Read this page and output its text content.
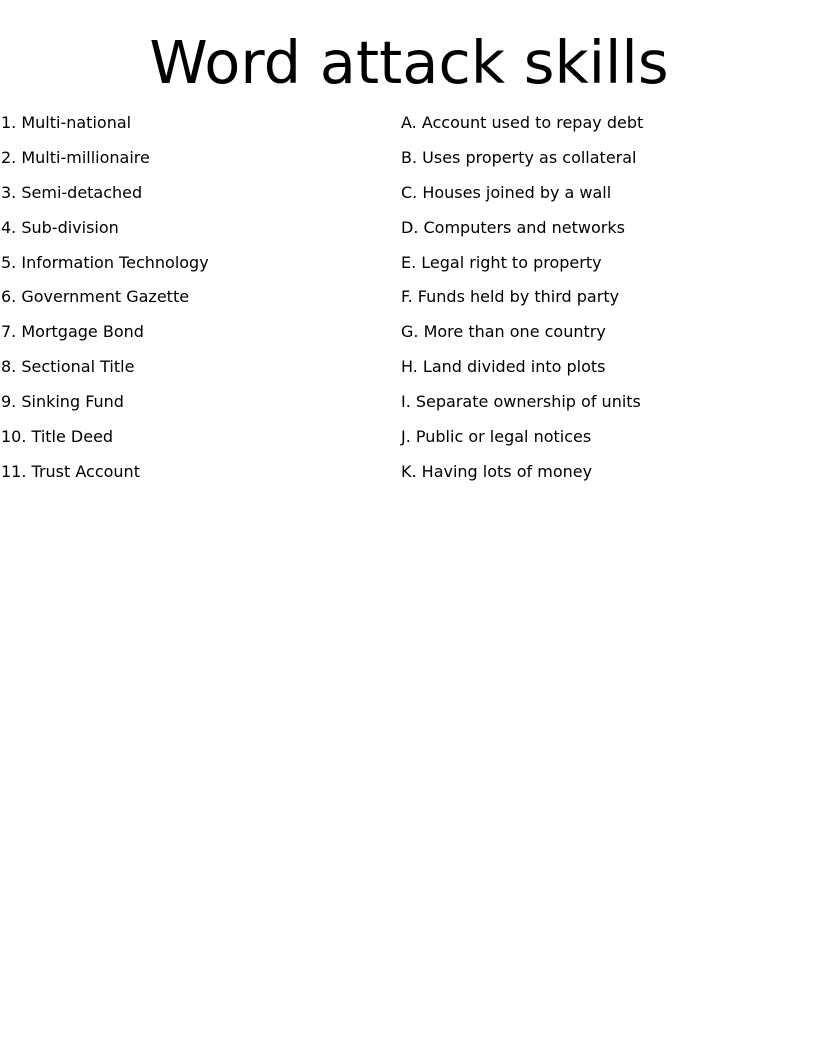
Word attack skills
1. Multi-national
2. Multi-millionaire
3. Semi-detached
4. Sub-division
5. Information Technology
6. Government Gazette
7. Mortgage Bond
8. Sectional Title
9. Sinking Fund
10. Title Deed
11. Trust Account
A. Account used to repay debt
B. Uses property as collateral
C. Houses joined by a wall
D. Computers and networks
E. Legal right to property
F. Funds held by third party
G. More than one country
H. Land divided into plots
I. Separate ownership of units
J. Public or legal notices
K. Having lots of money
